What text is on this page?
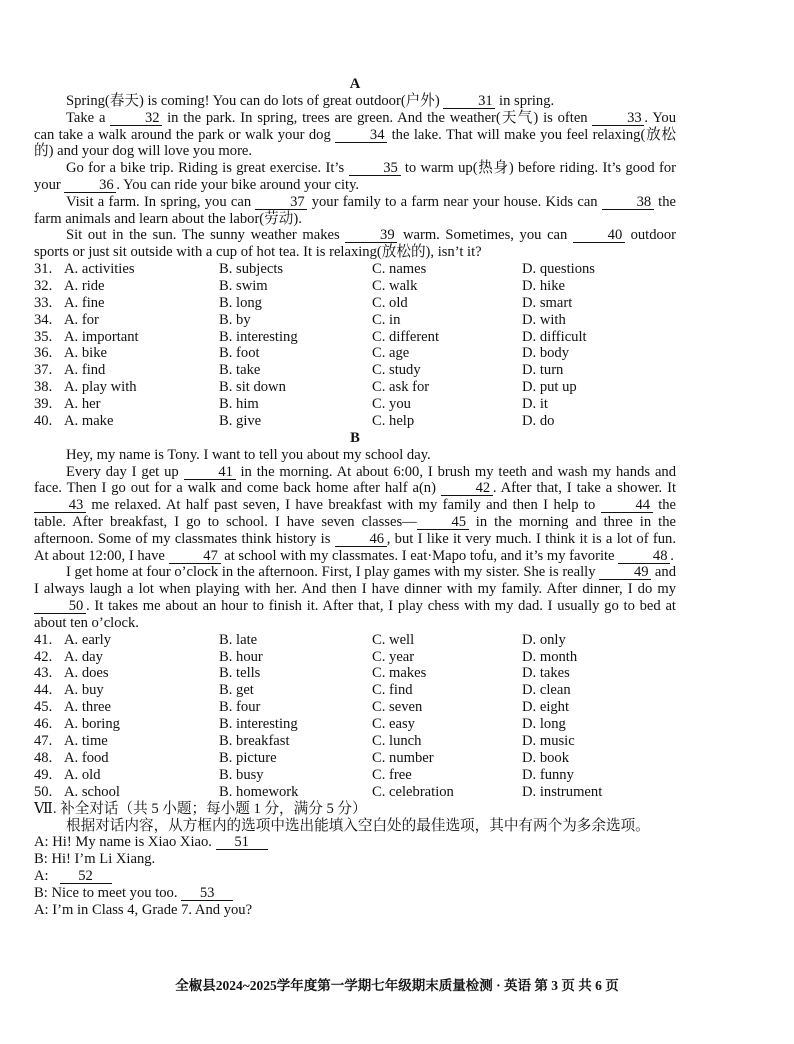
A

Spring(春天) is coming! You can do lots of great outdoor(户外)	31 in spring.

Take a	32 in the park. In spring, trees are green. And the weather(天气) is often	33 . You can take a walk around the park or walk your dog	34 the lake. That will make you feel relaxing(放松的) and your dog will love you more.

Go for a bike trip. Riding is great exercise. It’s	35 to warm up(热身) before riding. It’s good for your	36 . You can ride your bike around your city.

Visit a farm. In spring, you can	37 your family to a farm near your house. Kids can	38 the farm animals and learn about the labor(劳动).

Sit out in the sun. The sunny weather makes	39 warm. Sometimes, you can	40 outdoor sports or just sit outside with a cup of hot tea. It is relaxing(放松的), isn’t it?

31. A. activities	B. subjects	C. names	D. questions
32. A. ride	B. swim	C. walk	D. hike
33. A. fine	B. long	C. old	D. smart
34. A. for	B. by	C. in	D. with
35. A. important	B. interesting	C. different	D. difficult
36. A. bike	B. foot	C. age	D. body
37. A. find	B. take	C. study	D. turn
38. A. play with	B. sit down	C. ask for	D. put up
39. A. her	B. him	C. you	D. it
40. A. make	B. give	C. help	D. do
B

Hey, my name is Tony. I want to tell you about my school day.

Every day I get up	41 in the morning. At about 6:00, I brush my teeth and wash my hands and face. Then I go out for a walk and come back home after half a(n)	42 . After that, I take a shower. It 43 me relaxed. At half past seven, I have breakfast with my family and then I help to	44 the table. After breakfast, I go to school. I have seven classes— 45 in the morning and three in the afternoon. Some of my classmates think history is	46 , but I like it very much. I think it is a lot of fun. At about 12:00, I have	47 at school with my classmates. I eat·Mapo tofu, and it’s my favorite	48 .

I get home at four o’clock in the afternoon. First, I play games with my sister. She is really	49 and I always laugh a lot when playing with her. And then I have dinner with my family. After dinner, I do my 50 . It takes me about an hour to finish it. After that, I play chess with my dad. I usually go to bed at about ten o’clock.

41. A. early	B. late	C. well	D. only
42. A. day	B. hour	C. year	D. month
43. A. does	B. tells	C. makes	D. takes
44. A. buy	B. get	C. find	D. clean
45. A. three	B. four	C. seven	D. eight
46. A. boring	B. interesting	C. easy	D. long
47. A. time	B. breakfast	C. lunch	D. music
48. A. food	B. picture	C. number	D. book
49. A. old	B. busy	C. free	D. funny
50. A. school	B. homework	C. celebration	D. instrument
Ⅶ. 补全对话（共 5 小题；每小题 1 分，满分 5 分）

根据对话内容，从方框内的选项中选出能填入空白处的最佳选项，其中有两个为多余选项。

A: Hi! My name is Xiao Xiao. 51
B: Hi! I’m Li Xiang.
A: 52
B: Nice to meet you too. 53
A: I’m in Class 4, Grade 7. And you?
全椒县2024~2025学年度第一学期七年级期末质量检测 · 英语 第 3 页 共 6 页
